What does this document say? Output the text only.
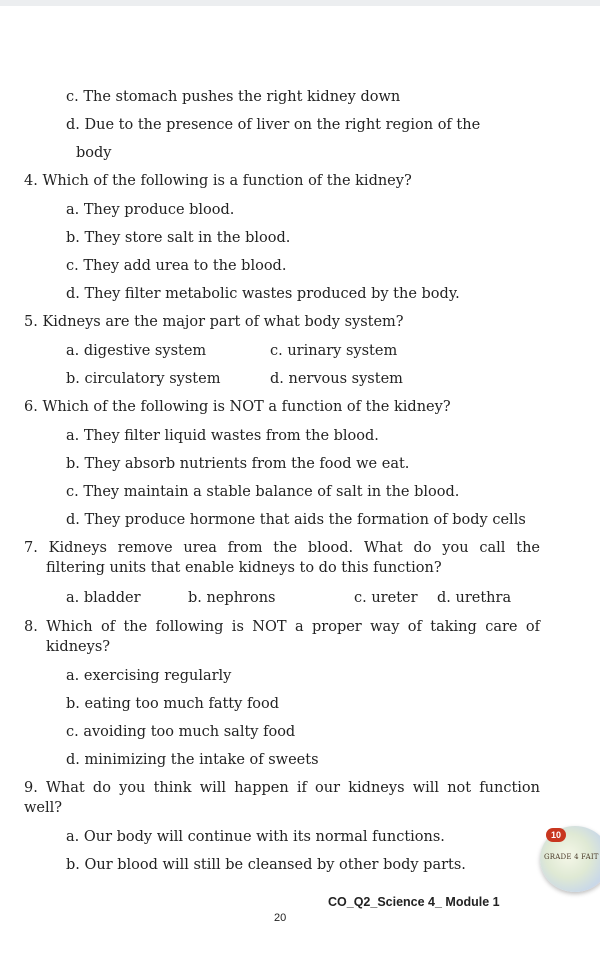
c. The stomach pushes the right kidney down
d. Due to the presence of liver on the right region of the
body
4. Which of the following is a function of the kidney?
a. They produce blood.
b. They store salt in the blood.
c. They add urea to the blood.
d. They filter metabolic wastes produced by the body.
5. Kidneys are the major part of what body system?
a. digestive system	c. urinary system
b. circulatory system	d. nervous system
6. Which of the following is NOT a function of the kidney?
a. They filter liquid wastes from the blood.
b. They absorb nutrients from the food we eat.
c. They maintain a stable balance of salt in the blood.
d. They produce hormone that aids the formation of body cells
7. Kidneys remove urea from the blood. What do you call the
filtering units that enable kidneys to do this function?
a. bladder	b. nephrons	c. ureter d. urethra
8. Which of the following is NOT a proper way of taking care of
kidneys?
a. exercising regularly
b. eating too much fatty food
c. avoiding too much salty food
d. minimizing the intake of sweets
9. What do you think will happen if our kidneys will not function
well?
a. Our body will continue with its normal functions.
b. Our blood will still be cleansed by other body parts.
CO_Q2_Science 4_ Module 1
20
10
GRADE 4 FAIT
